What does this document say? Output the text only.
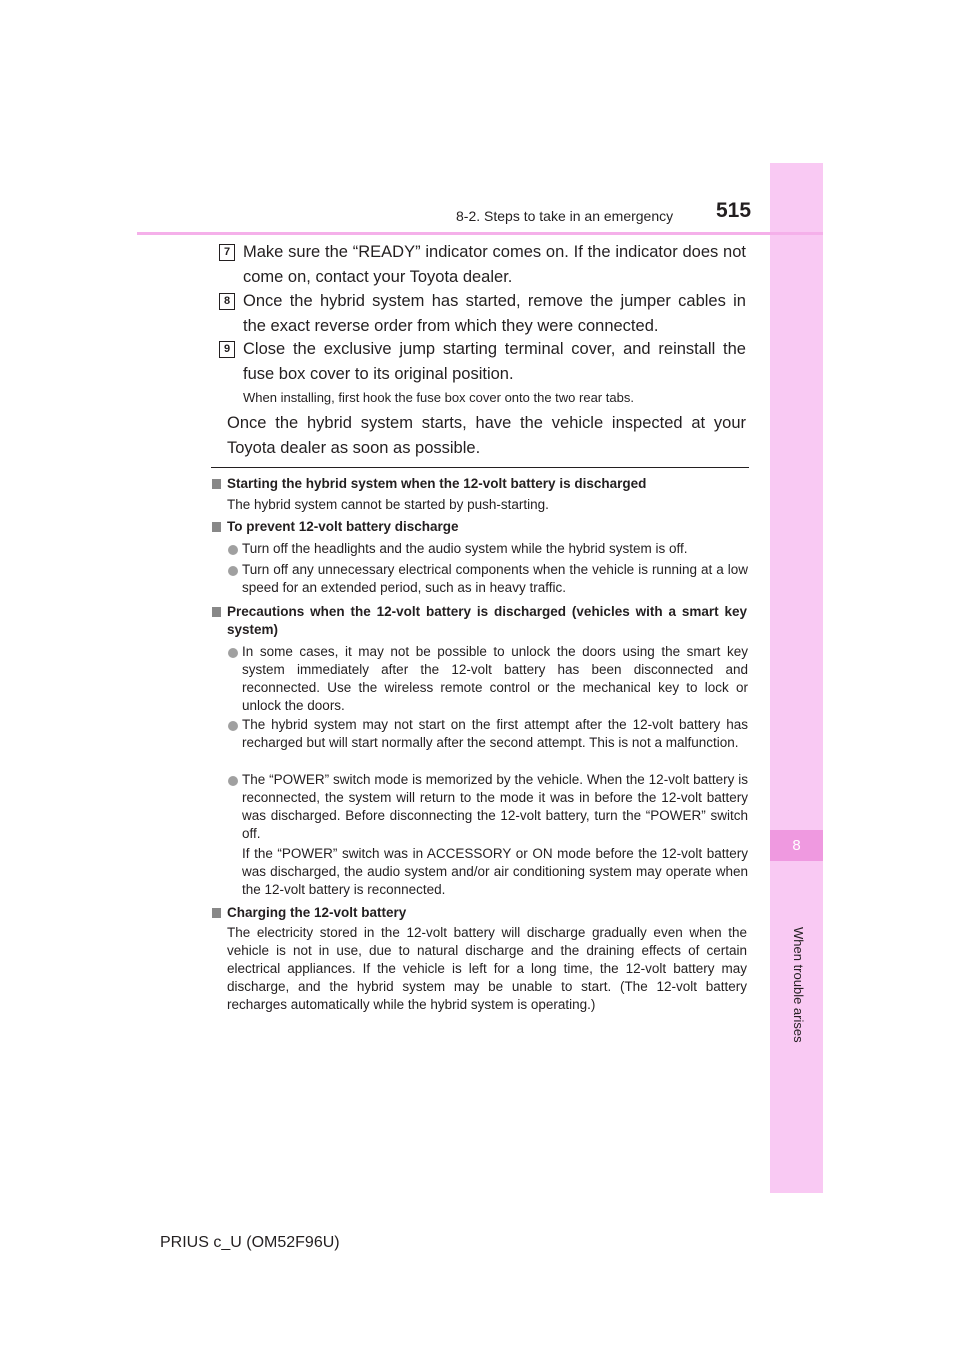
8
When trouble arises
8-2. Steps to take in an emergency 515
7 Make sure the “READY” indicator comes on. If the indicator does not come on, contact your Toyota dealer.
8 Once the hybrid system has started, remove the jumper cables in the exact reverse order from which they were connected.
9 Close the exclusive jump starting terminal cover, and reinstall the fuse box cover to its original position.
When installing, first hook the fuse box cover onto the two rear tabs.
Once the hybrid system starts, have the vehicle inspected at your Toyota dealer as soon as possible.
Starting the hybrid system when the 12-volt battery is discharged
The hybrid system cannot be started by push-starting.
To prevent 12-volt battery discharge
Turn off the headlights and the audio system while the hybrid system is off.
Turn off any unnecessary electrical components when the vehicle is running at a low speed for an extended period, such as in heavy traffic.
Precautions when the 12-volt battery is discharged (vehicles with a smart key system)
In some cases, it may not be possible to unlock the doors using the smart key system immediately after the 12-volt battery has been disconnected and reconnected. Use the wireless remote control or the mechanical key to lock or unlock the doors.
The hybrid system may not start on the first attempt after the 12-volt battery has recharged but will start normally after the second attempt. This is not a malfunction.
The “POWER” switch mode is memorized by the vehicle. When the 12-volt battery is reconnected, the system will return to the mode it was in before the 12-volt battery was discharged. Before disconnecting the 12-volt battery, turn the “POWER” switch off.
If the “POWER” switch was in ACCESSORY or ON mode before the 12-volt battery was discharged, the audio system and/or air conditioning system may operate when the 12-volt battery is reconnected.
Charging the 12-volt battery
The electricity stored in the 12-volt battery will discharge gradually even when the vehicle is not in use, due to natural discharge and the draining effects of certain electrical appliances. If the vehicle is left for a long time, the 12-volt battery may discharge, and the hybrid system may be unable to start. (The 12-volt battery recharges automatically while the hybrid system is operating.)
PRIUS c_U (OM52F96U)
